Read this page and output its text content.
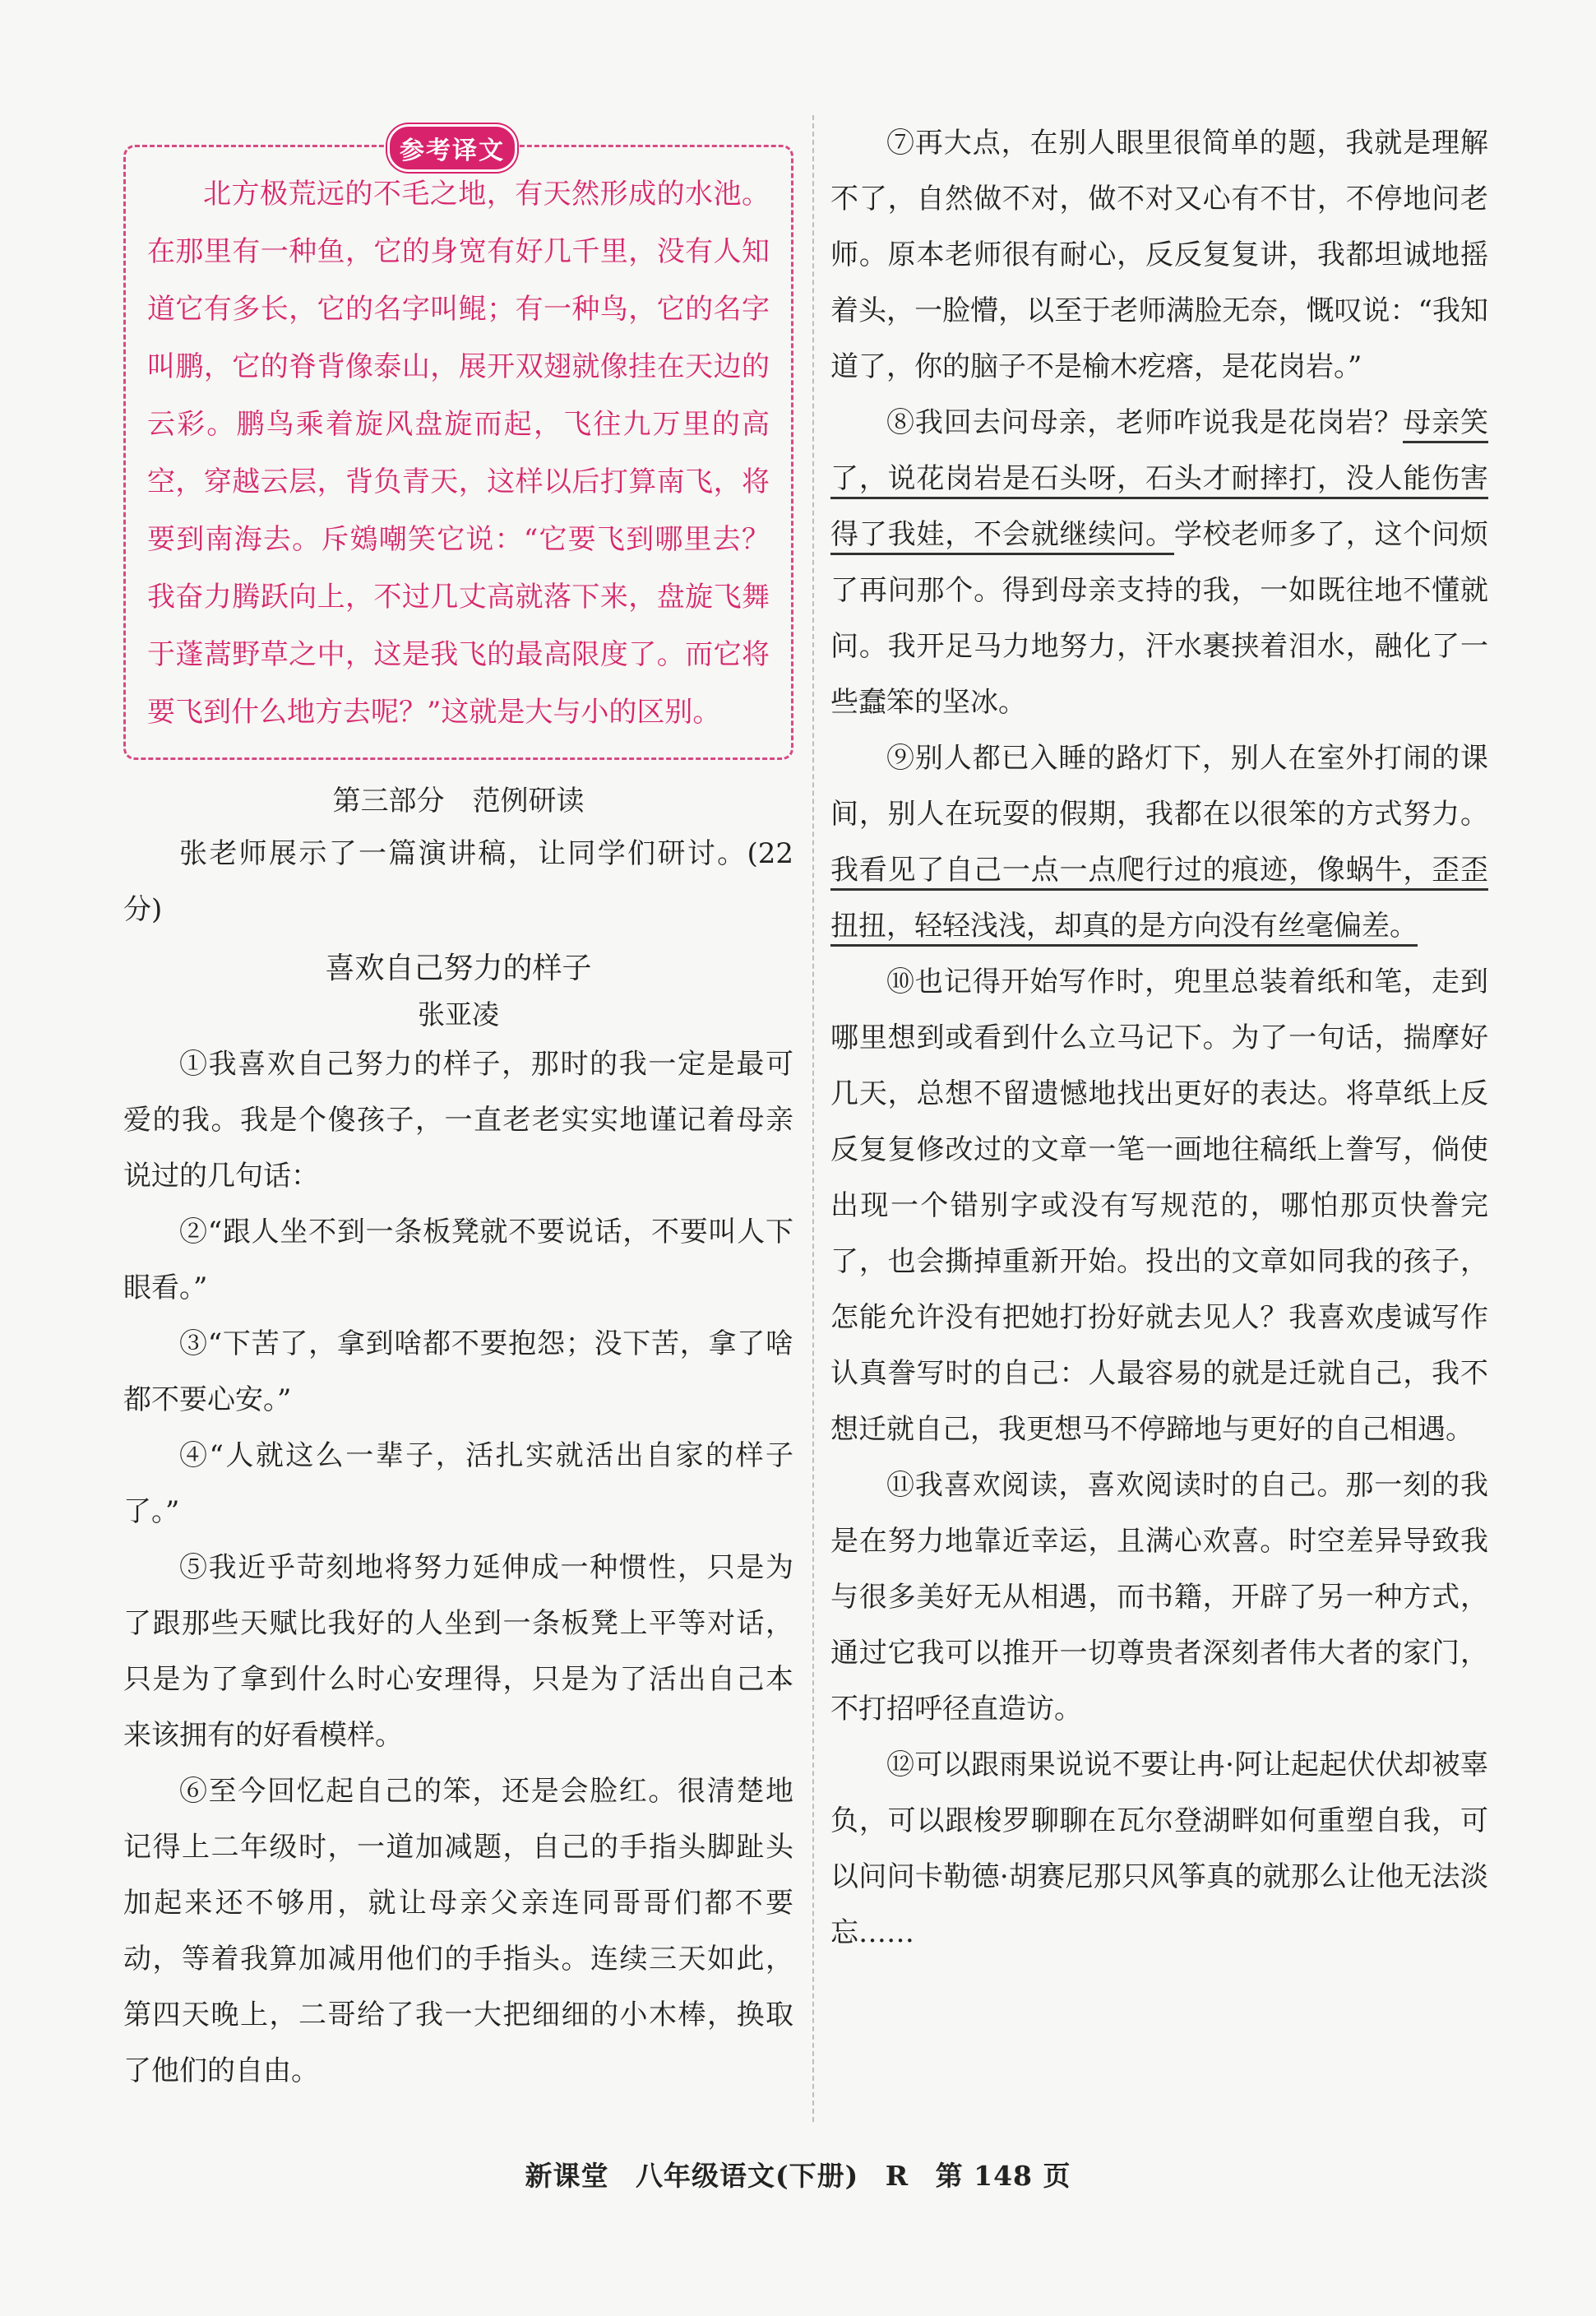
参考译文

北方极荒远的不毛之地，有天然形成的水池。在那里有一种鱼，它的身宽有好几千里，没有人知道它有多长，它的名字叫鲲；有一种鸟，它的名字叫鹏，它的脊背像泰山，展开双翅就像挂在天边的云彩。鹏鸟乘着旋风盘旋而起，飞往九万里的高空，穿越云层，背负青天，这样以后打算南飞，将要到南海去。斥鴳嘲笑它说：“它要飞到哪里去？我奋力腾跃向上，不过几丈高就落下来，盘旋飞舞于蓬蒿野草之中，这是我飞的最高限度了。而它将要飞到什么地方去呢？”这就是大与小的区别。

第三部分 范例研读

张老师展示了一篇演讲稿，让同学们研讨。(22 分)

喜欢自己努力的样子
张亚凌

①我喜欢自己努力的样子，那时的我一定是最可爱的我。我是个傻孩子，一直老老实实地谨记着母亲说过的几句话：

②“跟人坐不到一条板凳就不要说话，不要叫人下眼看。”

③“下苦了，拿到啥都不要抱怨；没下苦，拿了啥都不要心安。”

④“人就这么一辈子，活扎实就活出自家的样子了。”

⑤我近乎苛刻地将努力延伸成一种惯性，只是为了跟那些天赋比我好的人坐到一条板凳上平等对话，只是为了拿到什么时心安理得，只是为了活出自己本来该拥有的好看模样。

⑥至今回忆起自己的笨，还是会脸红。很清楚地记得上二年级时，一道加减题，自己的手指头脚趾头加起来还不够用，就让母亲父亲连同哥哥们都不要动，等着我算加减用他们的手指头。连续三天如此，第四天晚上，二哥给了我一大把细细的小木棒，换取了他们的自由。

⑦再大点，在别人眼里很简单的题，我就是理解不了，自然做不对，做不对又心有不甘，不停地问老师。原本老师很有耐心，反反复复讲，我都坦诚地摇着头，一脸懵，以至于老师满脸无奈，慨叹说：“我知道了，你的脑子不是榆木疙瘩，是花岗岩。”

⑧我回去问母亲，老师咋说我是花岗岩？母亲笑了，说花岗岩是石头呀，石头才耐摔打，没人能伤害得了我娃，不会就继续问。学校老师多了，这个问烦了再问那个。得到母亲支持的我，一如既往地不懂就问。我开足马力地努力，汗水裹挟着泪水，融化了一些蠢笨的坚冰。

⑨别人都已入睡的路灯下，别人在室外打闹的课间，别人在玩耍的假期，我都在以很笨的方式努力。我看见了自己一点一点爬行过的痕迹，像蜗牛，歪歪扭扭，轻轻浅浅，却真的是方向没有丝毫偏差。

⑩也记得开始写作时，兜里总装着纸和笔，走到哪里想到或看到什么立马记下。为了一句话，揣摩好几天，总想不留遗憾地找出更好的表达。将草纸上反反复复修改过的文章一笔一画地往稿纸上誊写，倘使出现一个错别字或没有写规范的，哪怕那页快誊完了，也会撕掉重新开始。投出的文章如同我的孩子，怎能允许没有把她打扮好就去见人？我喜欢虔诚写作认真誊写时的自己：人最容易的就是迁就自己，我不想迁就自己，我更想马不停蹄地与更好的自己相遇。

⑪我喜欢阅读，喜欢阅读时的自己。那一刻的我是在努力地靠近幸运，且满心欢喜。时空差异导致我与很多美好无从相遇，而书籍，开辟了另一种方式，通过它我可以推开一切尊贵者深刻者伟大者的家门，不打招呼径直造访。

⑫可以跟雨果说说不要让冉·阿让起起伏伏却被辜负，可以跟梭罗聊聊在瓦尔登湖畔如何重塑自我，可以问问卡勒德·胡赛尼那只风筝真的就那么让他无法淡忘……

新课堂 八年级语文(下册) R 第 148 页
